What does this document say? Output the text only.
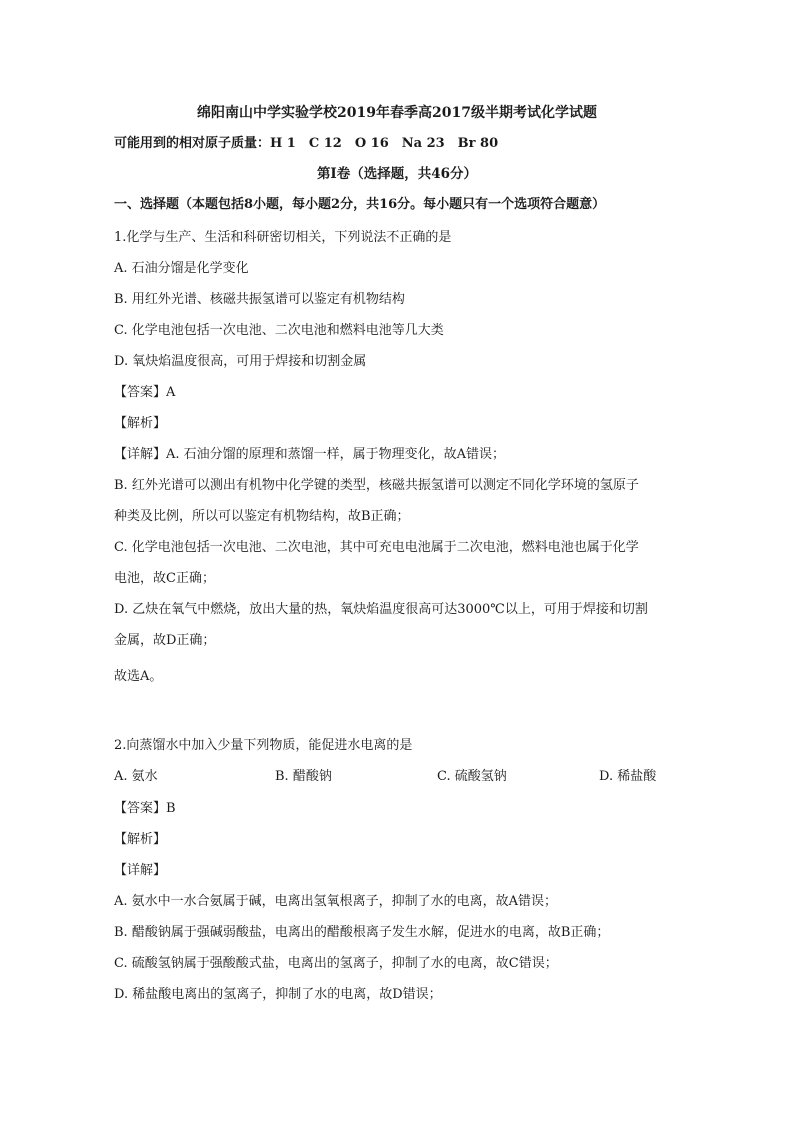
绵阳南山中学实验学校2019年春季高2017级半期考试化学试题
可能用到的相对原子质量：H 1　C 12　O 16　Na 23　Br 80
第Ⅰ卷（选择题，共46分）
一、选择题（本题包括8小题，每小题2分，共16分。每小题只有一个选项符合题意）
1.化学与生产、生活和科研密切相关，下列说法不正确的是
A. 石油分馏是化学变化
B. 用红外光谱、核磁共振氢谱可以鉴定有机物结构
C. 化学电池包括一次电池、二次电池和燃料电池等几大类
D. 氧炔焰温度很高，可用于焊接和切割金属
【答案】A
【解析】
【详解】A. 石油分馏的原理和蒸馏一样，属于物理变化，故A错误；
B. 红外光谱可以测出有机物中化学键的类型，核磁共振氢谱可以测定不同化学环境的氢原子
种类及比例，所以可以鉴定有机物结构，故B正确；
C. 化学电池包括一次电池、二次电池，其中可充电电池属于二次电池，燃料电池也属于化学
电池，故C正确；
D. 乙炔在氧气中燃烧，放出大量的热，氧炔焰温度很高可达3000℃以上，可用于焊接和切割
金属，故D正确；
故选A。
2.向蒸馏水中加入少量下列物质，能促进水电离的是
A. 氨水	B. 醋酸钠	C. 硫酸氢钠	D. 稀盐酸
【答案】B
【解析】
【详解】
A. 氨水中一水合氨属于碱，电离出氢氧根离子，抑制了水的电离，故A错误；
B. 醋酸钠属于强碱弱酸盐，电离出的醋酸根离子发生水解，促进水的电离，故B正确；
C. 硫酸氢钠属于强酸酸式盐，电离出的氢离子，抑制了水的电离，故C错误；
D. 稀盐酸电离出的氢离子，抑制了水的电离，故D错误；
